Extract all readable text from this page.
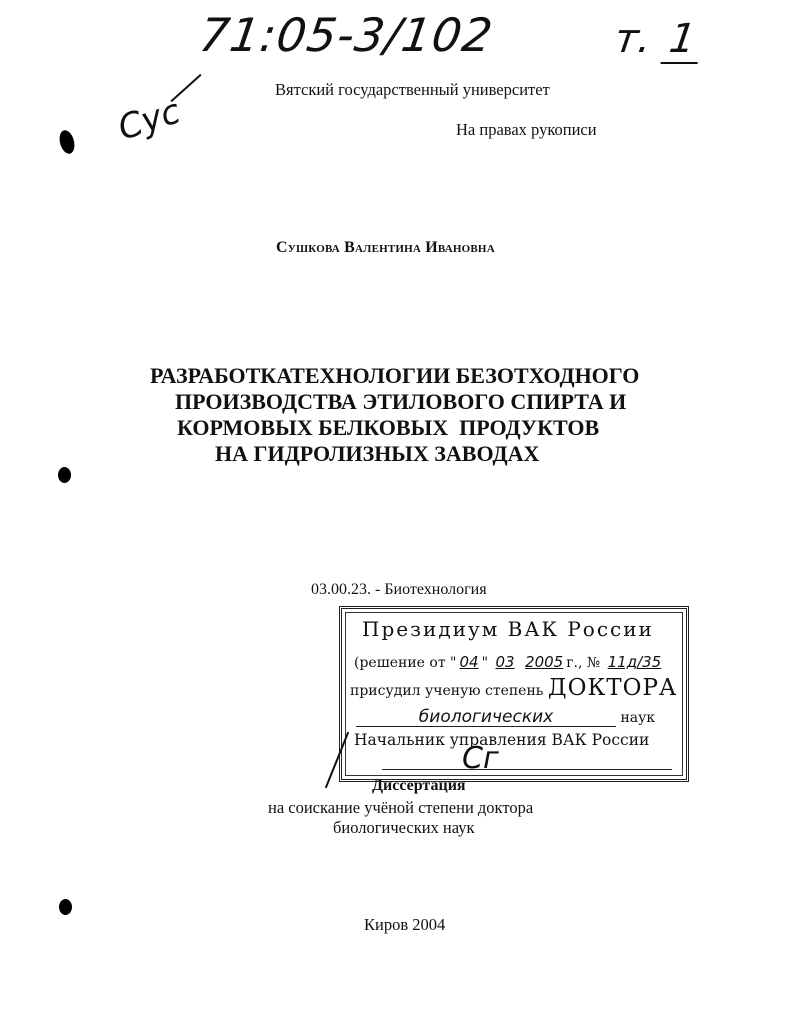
71:05-3/102	т. 1
Сус
Вятский государственный университет
На правах рукописи
Сушкова Валентина Ивановна
РАЗРАБОТКАТЕХНОЛОГИИ БЕЗОТХОДНОГО
ПРОИЗВОДСТВА ЭТИЛОВОГО СПИРТА И
КОРМОВЫХ БЕЛКОВЫХ  ПРОДУКТОВ
НА ГИДРОЛИЗНЫХ ЗАВОДАХ
03.00.23. - Биотехнология
Президиум ВАК России
(решение от " 04 " 03 2005 г., № 11д/35
присудил ученую степень ДОКТОРА
биологических	наук
Начальник управления ВАК России
Сг
Диссертация
на соискание учёной степени доктора
биологических наук
Киров 2004
